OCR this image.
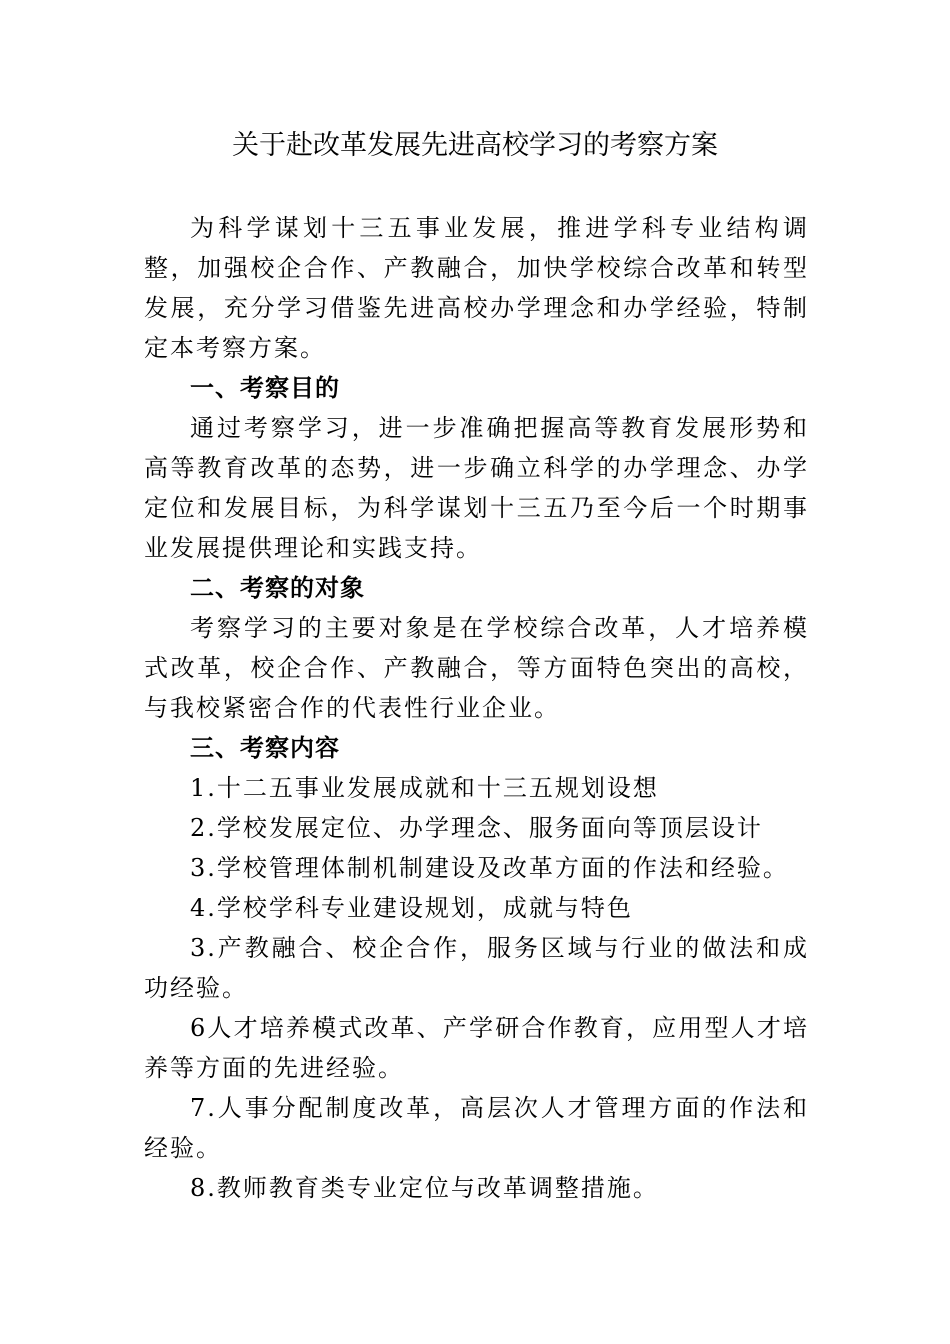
关于赴改革发展先进高校学习的考察方案

为科学谋划十三五事业发展，推进学科专业结构调整，加强校企合作、产教融合，加快学校综合改革和转型发展，充分学习借鉴先进高校办学理念和办学经验，特制定本考察方案。

一、考察目的

通过考察学习，进一步准确把握高等教育发展形势和高等教育改革的态势，进一步确立科学的办学理念、办学定位和发展目标，为科学谋划十三五乃至今后一个时期事业发展提供理论和实践支持。

二、考察的对象

考察学习的主要对象是在学校综合改革，人才培养模式改革，校企合作、产教融合，等方面特色突出的高校，与我校紧密合作的代表性行业企业。

三、考察内容

1.十二五事业发展成就和十三五规划设想

2.学校发展定位、办学理念、服务面向等顶层设计

3.学校管理体制机制建设及改革方面的作法和经验。

4.学校学科专业建设规划，成就与特色

3.产教融合、校企合作，服务区域与行业的做法和成功经验。

6人才培养模式改革、产学研合作教育，应用型人才培养等方面的先进经验。

7.人事分配制度改革，高层次人才管理方面的作法和经验。

8.教师教育类专业定位与改革调整措施。
